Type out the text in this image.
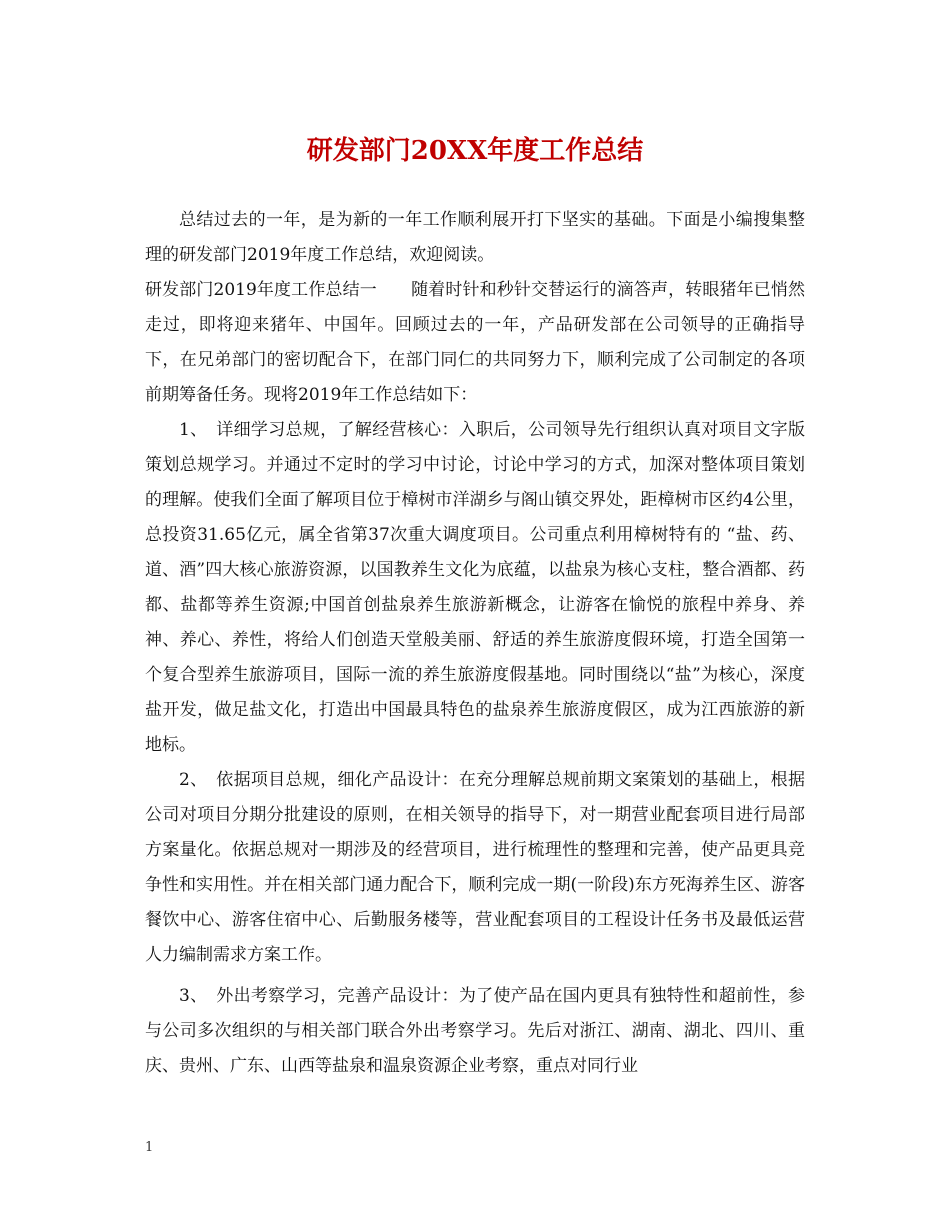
研发部门20XX年度工作总结

总结过去的一年，是为新的一年工作顺利展开打下坚实的基础。下面是小编搜集整理的研发部门2019年度工作总结，欢迎阅读。

研发部门2019年度工作总结一　　随着时针和秒针交替运行的滴答声，转眼猪年已悄然走过，即将迎来猪年、中国年。回顾过去的一年，产品研发部在公司领导的正确指导下，在兄弟部门的密切配合下，在部门同仁的共同努力下，顺利完成了公司制定的各项前期筹备任务。现将2019年工作总结如下：

1、　详细学习总规，了解经营核心：入职后，公司领导先行组织认真对项目文字版策划总规学习。并通过不定时的学习中讨论，讨论中学习的方式，加深对整体项目策划的理解。使我们全面了解项目位于樟树市洋湖乡与阁山镇交界处，距樟树市区约4公里，总投资31.65亿元，属全省第37次重大调度项目。公司重点利用樟树特有的 “盐、药、道、酒”四大核心旅游资源，以国教养生文化为底蕴，以盐泉为核心支柱，整合酒都、药都、盐都等养生资源;中国首创盐泉养生旅游新概念，让游客在愉悦的旅程中养身、养神、养心、养性，将给人们创造天堂般美丽、舒适的养生旅游度假环境，打造全国第一个复合型养生旅游项目，国际一流的养生旅游度假基地。同时围绕以“盐”为核心，深度盐开发，做足盐文化，打造出中国最具特色的盐泉养生旅游度假区，成为江西旅游的新地标。

2、　依据项目总规，细化产品设计：在充分理解总规前期文案策划的基础上，根据公司对项目分期分批建设的原则，在相关领导的指导下，对一期营业配套项目进行局部方案量化。依据总规对一期涉及的经营项目，进行梳理性的整理和完善，使产品更具竞争性和实用性。并在相关部门通力配合下，顺利完成一期(一阶段)东方死海养生区、游客餐饮中心、游客住宿中心、后勤服务楼等，营业配套项目的工程设计任务书及最低运营人力编制需求方案工作。

3、　外出考察学习，完善产品设计：为了使产品在国内更具有独特性和超前性，参与公司多次组织的与相关部门联合外出考察学习。先后对浙江、湖南、湖北、四川、重庆、贵州、广东、山西等盐泉和温泉资源企业考察，重点对同行业

1
